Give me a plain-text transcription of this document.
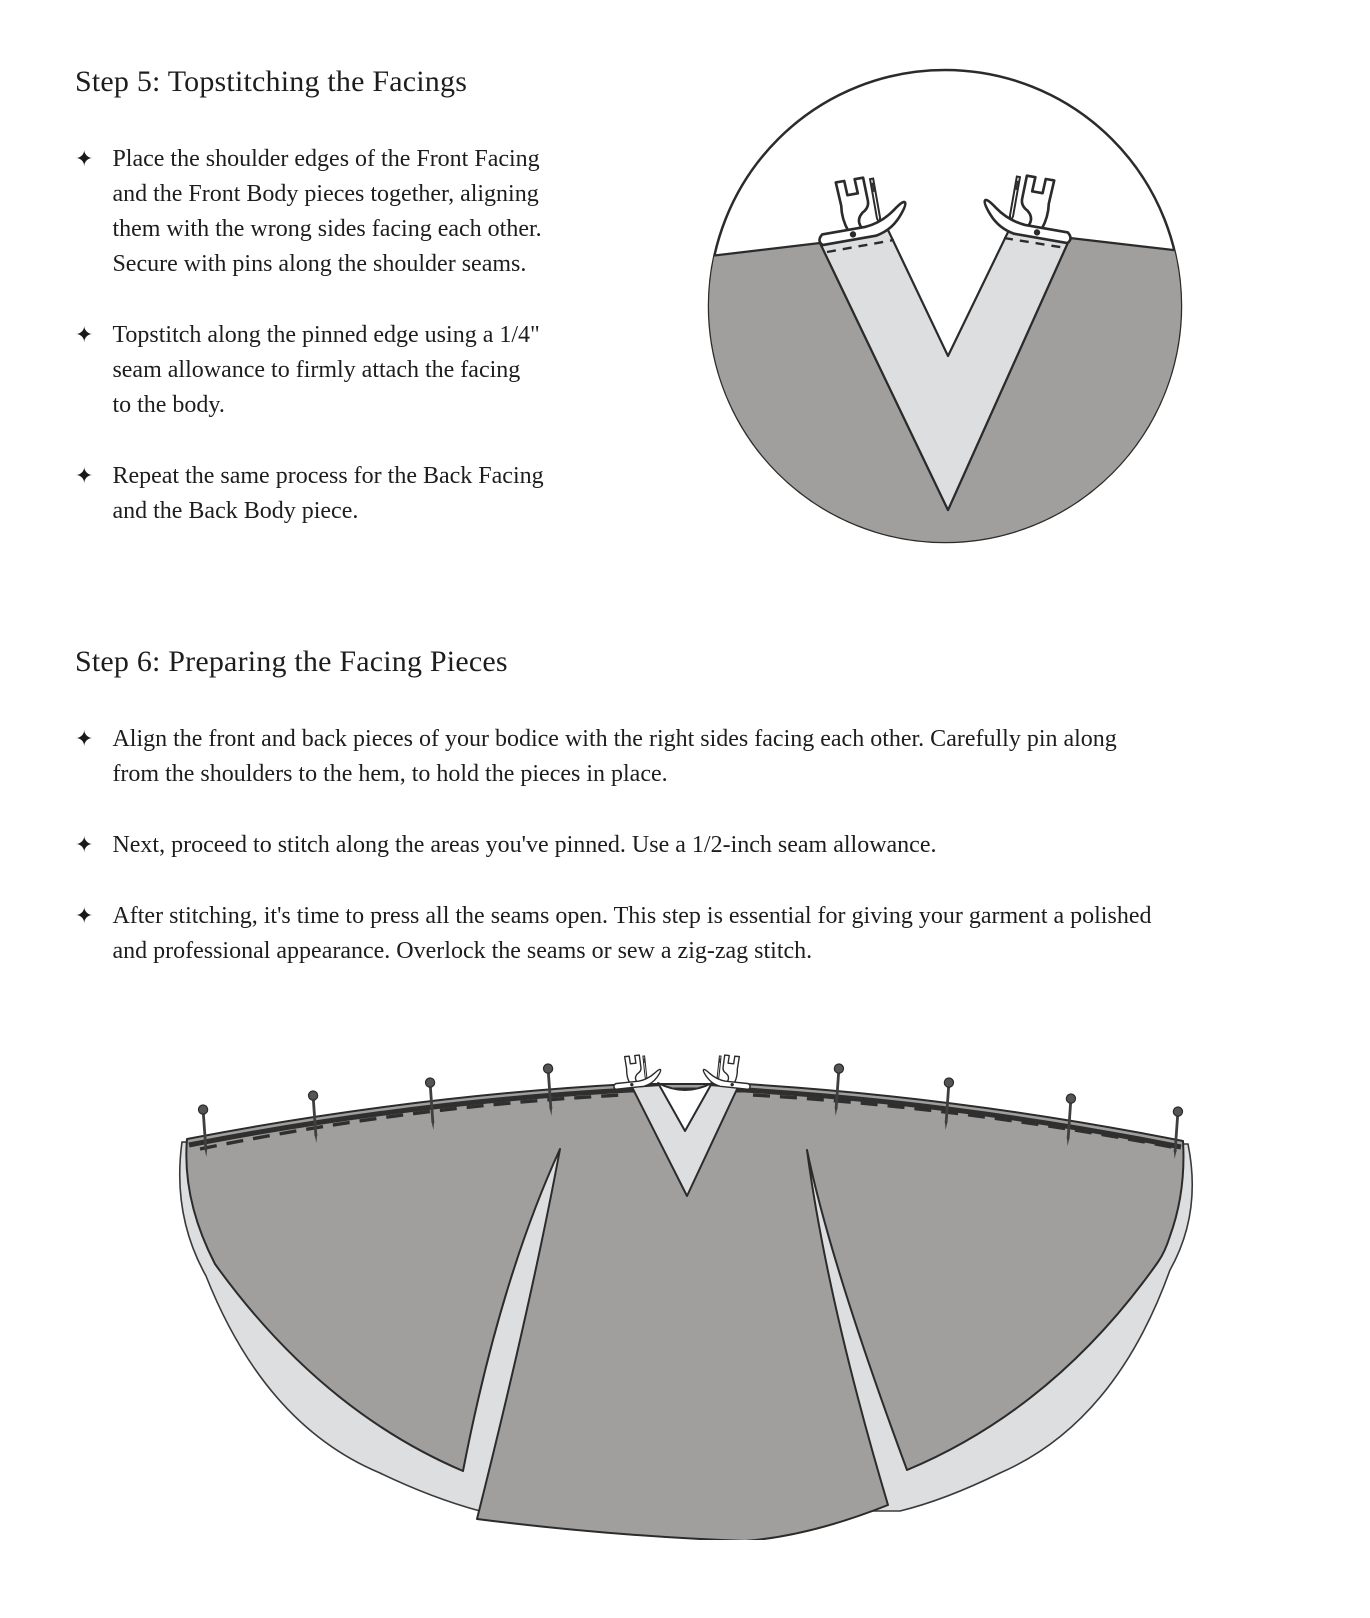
Step 5: Topstitching the Facings
✦ Place the shoulder edges of the Front Facing and the Front Body pieces together, aligning them with the wrong sides facing each other. Secure with pins along the shoulder seams.
✦ Topstitch along the pinned edge using a 1/4" seam allowance to firmly attach the facing to the body.
✦ Repeat the same process for the Back Facing and the Back Body piece.
Step 6: Preparing the Facing Pieces
✦ Align the front and back pieces of your bodice with the right sides facing each other. Carefully pin along from the shoulders to the hem, to hold the pieces in place.
✦ Next, proceed to stitch along the areas you've pinned. Use a 1/2-inch seam allowance.
✦ After stitching, it's time to press all the seams open. This step is essential for giving your garment a polished and professional appearance. Overlock the seams or sew a zig-zag stitch.
